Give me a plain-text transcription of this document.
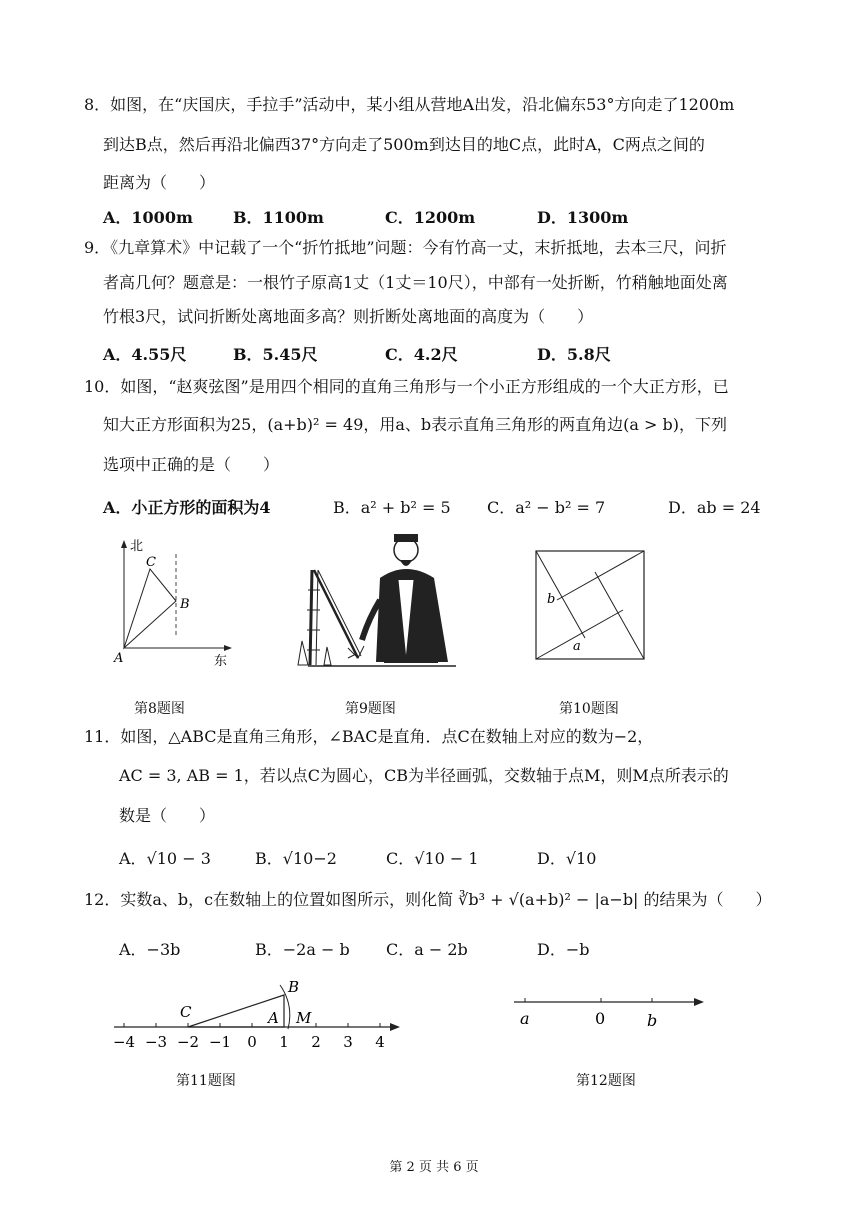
8．如图，在“庆国庆，手拉手”活动中，某小组从营地A出发，沿北偏东53°方向走了1200m
到达B点，然后再沿北偏西37°方向走了500m到达目的地C点，此时A，C两点之间的
距离为（　　）
A．1000m	B．1100m	C．1200m	D．1300m
9．《九章算术》中记载了一个“折竹抵地”问题：今有竹高一丈，末折抵地，去本三尺，问折
者高几何？题意是：一根竹子原高1丈（1丈＝10尺），中部有一处折断，竹稍触地面处离
竹根3尺，试问折断处离地面多高？则折断处离地面的高度为（　　）
A．4.55尺	B．5.45尺	C．4.2尺	D．5.8尺
10．如图，“赵爽弦图”是用四个相同的直角三角形与一个小正方形组成的一个大正方形，已
知大正方形面积为25，(a+b)² = 49，用a、b表示直角三角形的两直角边(a > b)，下列
选项中正确的是（　　）
A．小正方形的面积为4	B．a² + b² = 5 C．a² − b² = 7	D．ab = 24
北
东
A
B
C
第8题图	第9题图
b
a
第10题图
11．如图，△ABC是直角三角形，∠BAC是直角．点C在数轴上对应的数为−2，
AC = 3, AB = 1，若以点C为圆心，CB为半径画弧，交数轴于点M，则M点所表示的
数是（　　）
A．√10 − 3	B．√10−2	C．√10 − 1	D．√10
12．实数a、b，c在数轴上的位置如图所示，则化简 ∛b³ + √(a+b)² − |a−b| 的结果为（　　）
A．−3b	B．−2a − b C．a − 2b	D．−b
C	A
B
M
−4 −3 −2 −1 0 1 2 3 4
第11题图
a	0	b
第12题图
第 2 页 共 6 页
